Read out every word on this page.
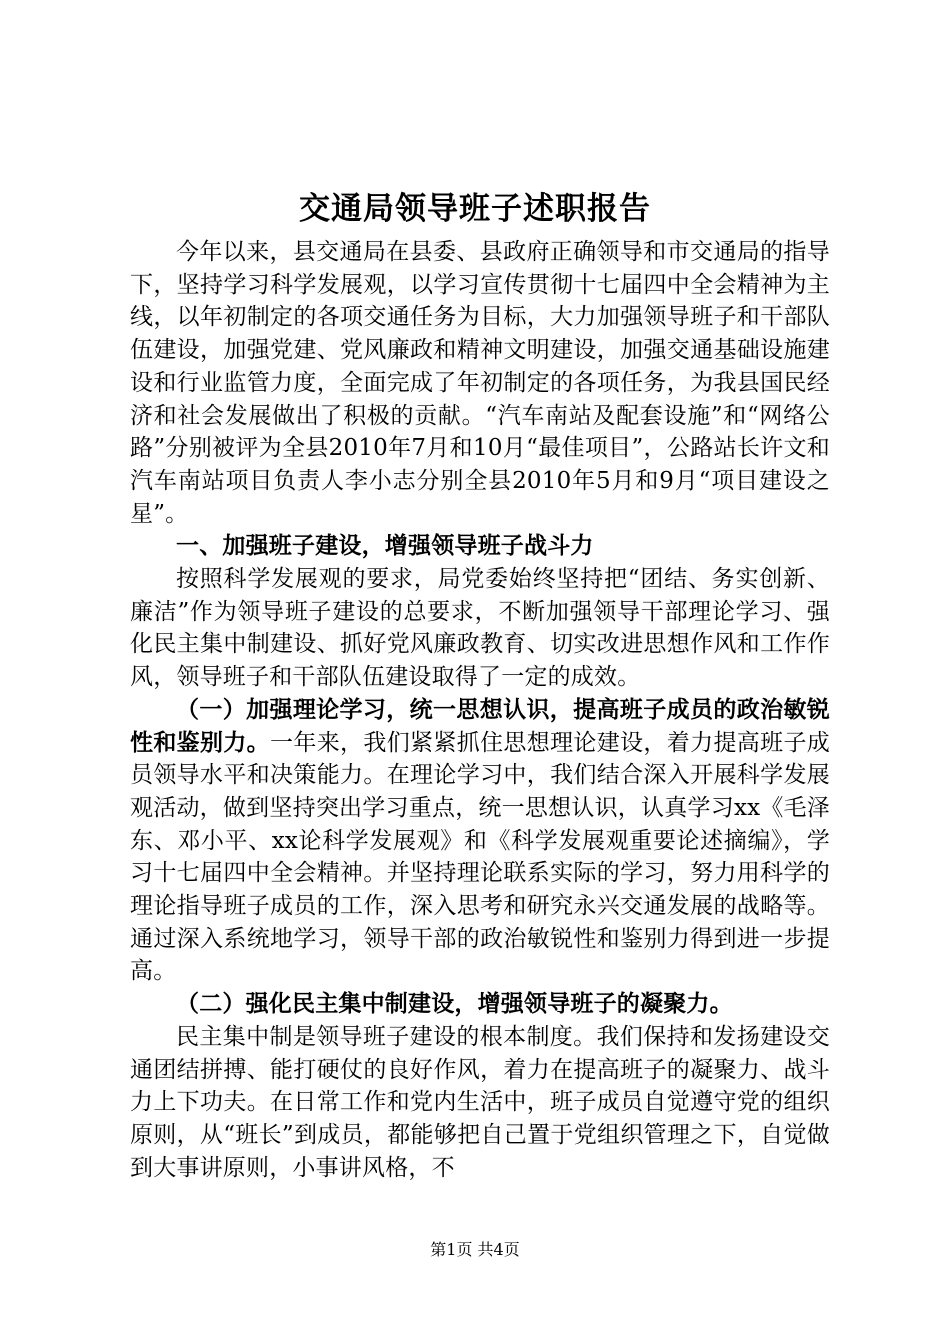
交通局领导班子述职报告

今年以来，县交通局在县委、县政府正确领导和市交通局的指导下，坚持学习科学发展观，以学习宣传贯彻十七届四中全会精神为主线，以年初制定的各项交通任务为目标，大力加强领导班子和干部队伍建设，加强党建、党风廉政和精神文明建设，加强交通基础设施建设和行业监管力度，全面完成了年初制定的各项任务，为我县国民经济和社会发展做出了积极的贡献。“汽车南站及配套设施”和“网络公路”分别被评为全县2010年7月和10月“最佳项目”，公路站长许文和汽车南站项目负责人李小志分别全县2010年5月和9月“项目建设之星”。

一、加强班子建设，增强领导班子战斗力

按照科学发展观的要求，局党委始终坚持把“团结、务实创新、廉洁”作为领导班子建设的总要求，不断加强领导干部理论学习、强化民主集中制建设、抓好党风廉政教育、切实改进思想作风和工作作风，领导班子和干部队伍建设取得了一定的成效。

（一）加强理论学习，统一思想认识，提高班子成员的政治敏锐性和鉴别力。一年来，我们紧紧抓住思想理论建设，着力提高班子成员领导水平和决策能力。在理论学习中，我们结合深入开展科学发展观活动，做到坚持突出学习重点，统一思想认识，认真学习xx《毛泽东、邓小平、xx论科学发展观》和《科学发展观重要论述摘编》，学习十七届四中全会精神。并坚持理论联系实际的学习，努力用科学的理论指导班子成员的工作，深入思考和研究永兴交通发展的战略等。通过深入系统地学习，领导干部的政治敏锐性和鉴别力得到进一步提高。

（二）强化民主集中制建设，增强领导班子的凝聚力。

民主集中制是领导班子建设的根本制度。我们保持和发扬建设交通团结拼搏、能打硬仗的良好作风，着力在提高班子的凝聚力、战斗力上下功夫。在日常工作和党内生活中，班子成员自觉遵守党的组织原则，从“班长”到成员，都能够把自己置于党组织管理之下，自觉做到大事讲原则，小事讲风格，不

第1页 共4页
